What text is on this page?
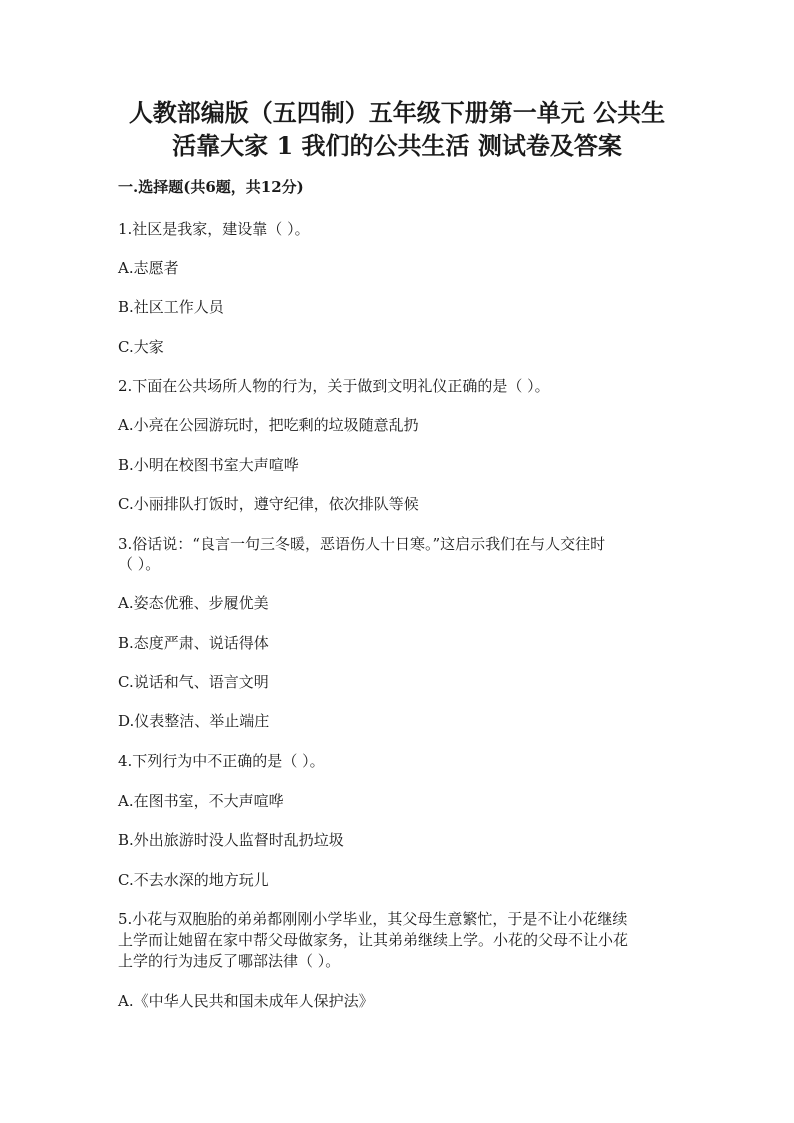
人教部编版（五四制）五年级下册第一单元 公共生
活靠大家 1 我们的公共生活 测试卷及答案
一.选择题(共6题，共12分)
1.社区是我家，建设靠（ ）。
A.志愿者
B.社区工作人员
C.大家
2.下面在公共场所人物的行为，关于做到文明礼仪正确的是（ ）。
A.小亮在公园游玩时，把吃剩的垃圾随意乱扔
B.小明在校图书室大声喧哗
C.小丽排队打饭时，遵守纪律，依次排队等候
3.俗话说：“良言一句三冬暖，恶语伤人十日寒。”这启示我们在与人交往时
（ ）。
A.姿态优雅、步履优美
B.态度严肃、说话得体
C.说话和气、语言文明
D.仪表整洁、举止端庄
4.下列行为中不正确的是（ ）。
A.在图书室，不大声喧哗
B.外出旅游时没人监督时乱扔垃圾
C.不去水深的地方玩儿
5.小花与双胞胎的弟弟都刚刚小学毕业，其父母生意繁忙，于是不让小花继续
上学而让她留在家中帮父母做家务，让其弟弟继续上学。小花的父母不让小花
上学的行为违反了哪部法律（ ）。
A.《中华人民共和国未成年人保护法》
